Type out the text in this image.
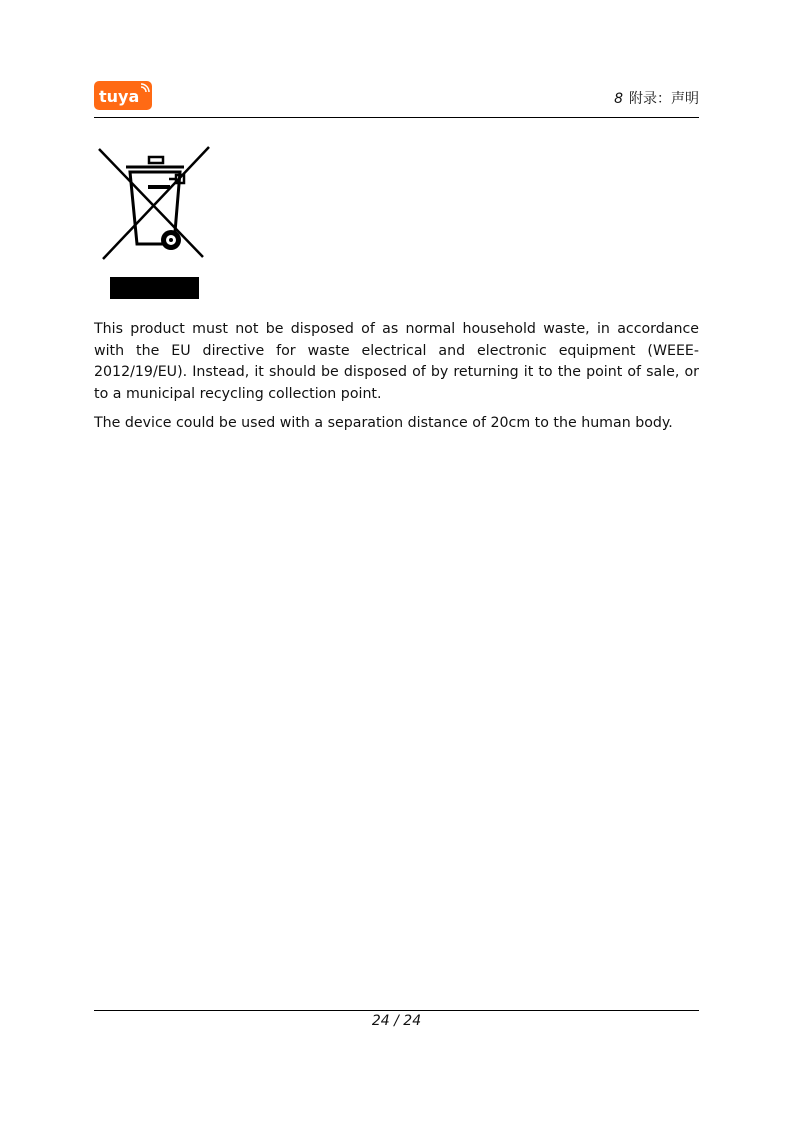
tuya	8 附录：声明

This product must not be disposed of as normal household waste, in accordance with the EU directive for waste electrical and electronic equipment (WEEE-2012/19/EU). Instead, it should be disposed of by returning it to the point of sale, or to a municipal recycling collection point.

The device could be used with a separation distance of 20cm to the human body.

24 / 24
